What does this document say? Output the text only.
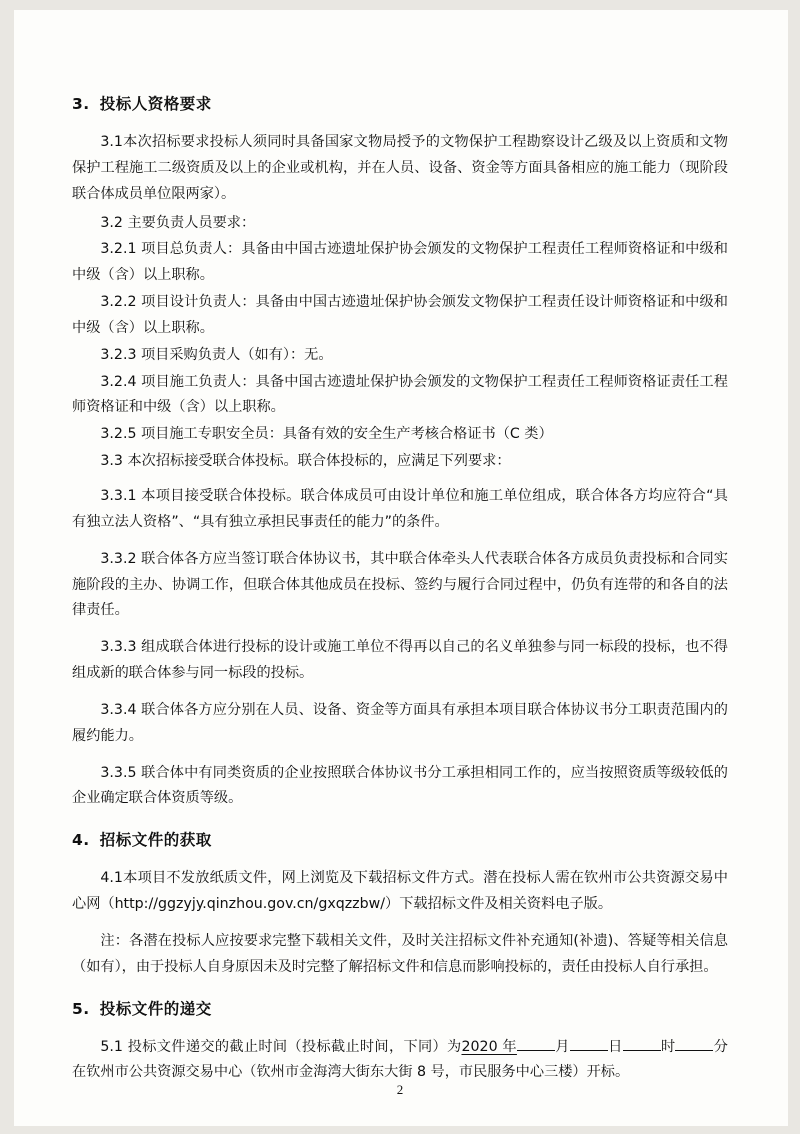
3. 投标人资格要求

3.1本次招标要求投标人须同时具备国家文物局授予的文物保护工程勘察设计乙级及以上资质和文物保护工程施工二级资质及以上的企业或机构，并在人员、设备、资金等方面具备相应的施工能力（现阶段联合体成员单位限两家）。

3.2 主要负责人员要求：

3.2.1 项目总负责人：具备由中国古迹遗址保护协会颁发的文物保护工程责任工程师资格证和中级和中级（含）以上职称。

3.2.2 项目设计负责人：具备由中国古迹遗址保护协会颁发文物保护工程责任设计师资格证和中级和中级（含）以上职称。

3.2.3 项目采购负责人（如有）：无。

3.2.4 项目施工负责人：具备中国古迹遗址保护协会颁发的文物保护工程责任工程师资格证责任工程师资格证和中级（含）以上职称。

3.2.5 项目施工专职安全员：具备有效的安全生产考核合格证书（C 类）

3.3 本次招标接受联合体投标。联合体投标的，应满足下列要求：

3.3.1 本项目接受联合体投标。联合体成员可由设计单位和施工单位组成，联合体各方均应符合“具有独立法人资格”、“具有独立承担民事责任的能力”的条件。

3.3.2 联合体各方应当签订联合体协议书，其中联合体牵头人代表联合体各方成员负责投标和合同实施阶段的主办、协调工作，但联合体其他成员在投标、签约与履行合同过程中，仍负有连带的和各自的法律责任。

3.3.3 组成联合体进行投标的设计或施工单位不得再以自己的名义单独参与同一标段的投标，也不得组成新的联合体参与同一标段的投标。

3.3.4 联合体各方应分别在人员、设备、资金等方面具有承担本项目联合体协议书分工职责范围内的履约能力。

3.3.5 联合体中有同类资质的企业按照联合体协议书分工承担相同工作的，应当按照资质等级较低的企业确定联合体资质等级。

4. 招标文件的获取

4.1本项目不发放纸质文件，网上浏览及下载招标文件方式。潜在投标人需在钦州市公共资源交易中心网（http://ggzyjy.qinzhou.gov.cn/gxqzzbw/）下载招标文件及相关资料电子版。

注：各潜在投标人应按要求完整下载相关文件，及时关注招标文件补充通知(补遗)、答疑等相关信息（如有），由于投标人自身原因未及时完整了解招标文件和信息而影响投标的，责任由投标人自行承担。

5. 投标文件的递交

5.1 投标文件递交的截止时间（投标截止时间，下同）为2020 年	月	日	时	分在钦州市公共资源交易中心（钦州市金海湾大街东大街 8 号，市民服务中心三楼）开标。

2
